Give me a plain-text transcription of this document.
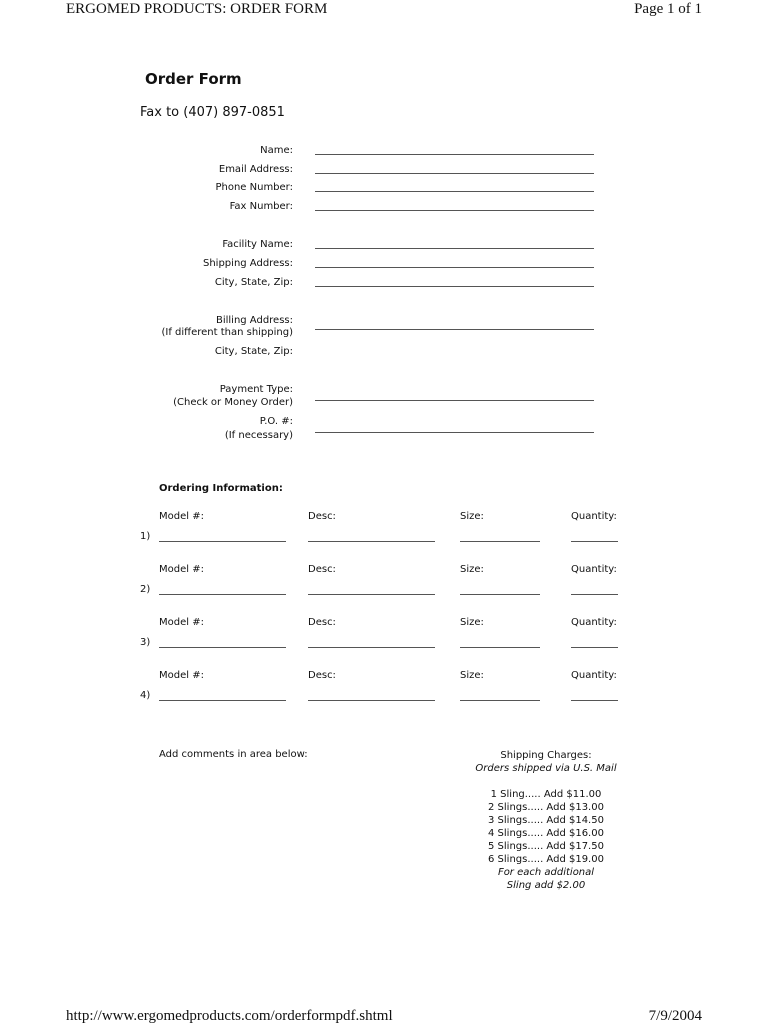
ERGOMED PRODUCTS: ORDER FORM	Page 1 of 1
http://www.ergomedproducts.com/orderformpdf.shtml	7/9/2004
Order Form
Fax to (407) 897-0851
Name:
Email Address:
Phone Number:
Fax Number:
Facility Name:
Shipping Address:
City, State, Zip:
Billing Address:
(If different than shipping)
City, State, Zip:
Payment Type:
(Check or Money Order)
P.O. #:
(If necessary)
Ordering Information:
Model #:	Desc:	Size:	Quantity:
1)
Model #:	Desc:	Size:	Quantity:
2)
Model #:	Desc:	Size:	Quantity:
3)
Model #:	Desc:	Size:	Quantity:
4)
Add comments in area below:	Shipping Charges:
Orders shipped via U.S. Mail
1 Sling..... Add $11.00
2 Slings..... Add $13.00
3 Slings..... Add $14.50
4 Slings..... Add $16.00
5 Slings..... Add $17.50
6 Slings..... Add $19.00
For each additional
Sling add $2.00
